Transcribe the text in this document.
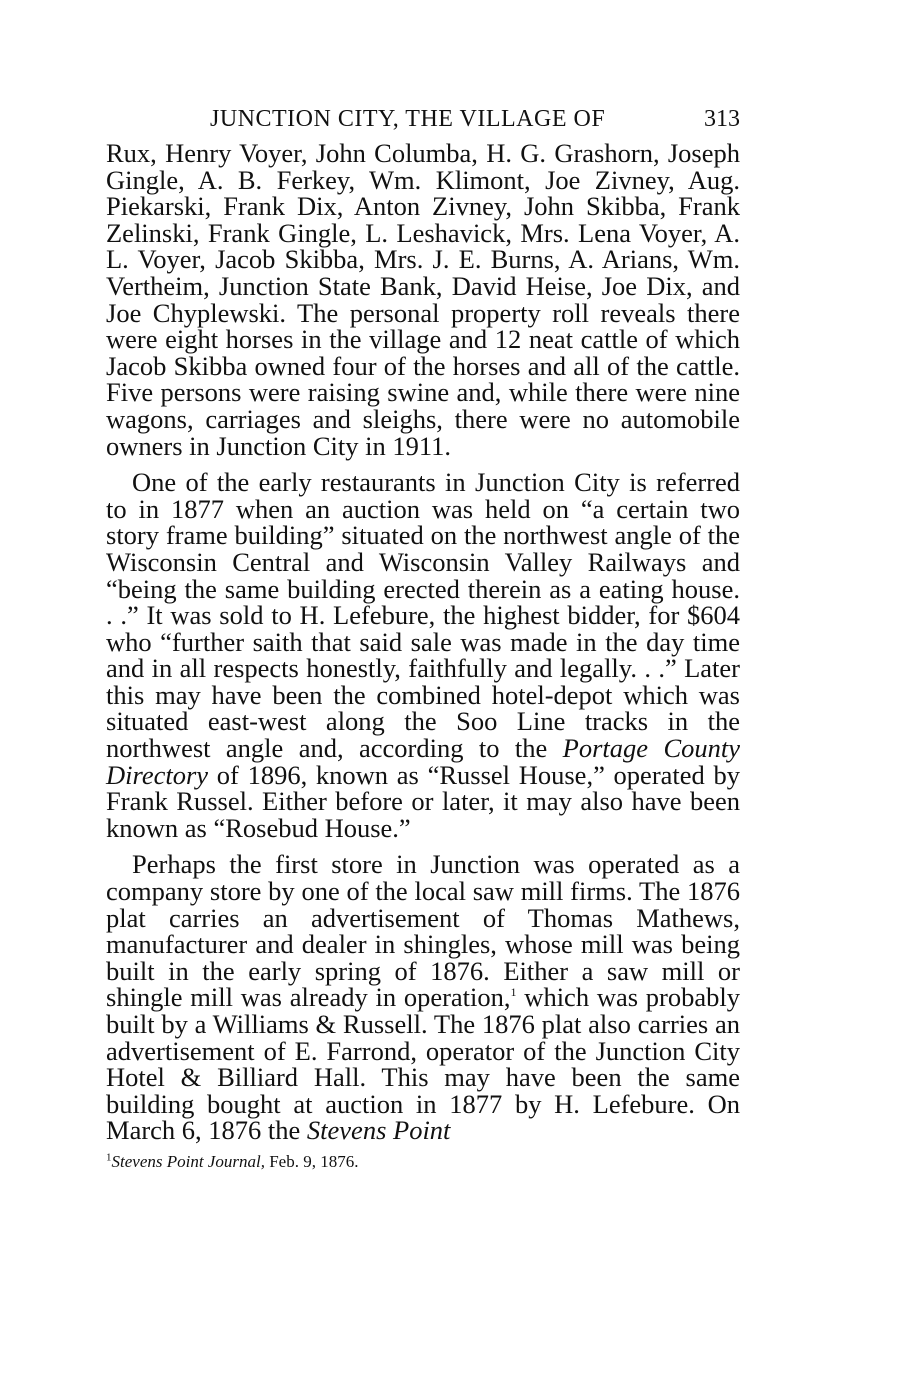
JUNCTION CITY, THE VILLAGE OF	313

Rux, Henry Voyer, John Columba, H. G. Grashorn, Joseph Gingle, A. B. Ferkey, Wm. Klimont, Joe Zivney, Aug. Piekarski, Frank Dix, Anton Zivney, John Skibba, Frank Zelinski, Frank Gingle, L. Leshavick, Mrs. Lena Voyer, A. L. Voyer, Jacob Skibba, Mrs. J. E. Burns, A. Arians, Wm. Vertheim, Junction State Bank, David Heise, Joe Dix, and Joe Chyplewski. The personal property roll reveals there were eight horses in the village and 12 neat cattle of which Jacob Skibba owned four of the horses and all of the cattle. Five persons were raising swine and, while there were nine wagons, carriages and sleighs, there were no automobile owners in Junction City in 1911.

One of the early restaurants in Junction City is referred to in 1877 when an auction was held on “a certain two story frame building” situated on the northwest angle of the Wisconsin Central and Wisconsin Valley Railways and “being the same building erected therein as a eating house. . .” It was sold to H. Lefebure, the highest bidder, for $604 who “further saith that said sale was made in the day time and in all respects honestly, faithfully and legally. . .” Later this may have been the combined hotel-depot which was situated east-west along the Soo Line tracks in the northwest angle and, according to the Portage County Directory of 1896, known as “Russel House,” operated by Frank Russel. Either before or later, it may also have been known as “Rosebud House.”

Perhaps the first store in Junction was operated as a company store by one of the local saw mill firms. The 1876 plat carries an advertisement of Thomas Mathews, manufacturer and dealer in shingles, whose mill was being built in the early spring of 1876. Either a saw mill or shingle mill was already in operation,$^1$ which was probably built by a Williams & Russell. The 1876 plat also carries an advertisement of E. Farrond, operator of the Junction City Hotel & Billiard Hall. This may have been the same building bought at auction in 1877 by H. Lefebure. On March 6, 1876 the Stevens Point

$^1$Stevens Point Journal, Feb. 9, 1876.
